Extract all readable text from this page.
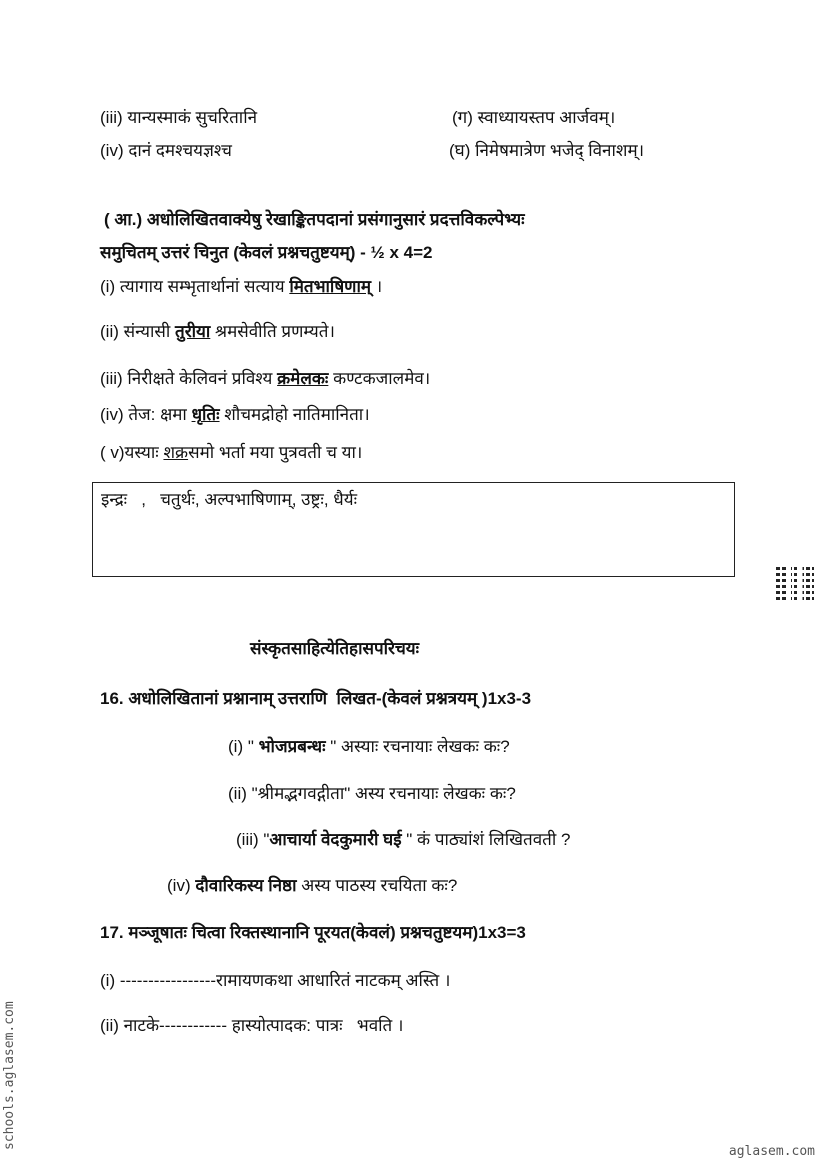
(iii) यान्यस्माकं सुचरितानि	(ग) स्वाध्यायस्तप आर्जवम्।
(iv) दानं दमश्चयज्ञश्च	(घ) निमेषमात्रेण भजेद् विनाशम्।
( आ.) अधोलिखितवाक्येषु रेखाङ्कितपदानां प्रसंगानुसारं प्रदत्तविकल्पेभ्यः
समुचितम् उत्तरं चिनुत (केवलं प्रश्नचतुष्टयम्) - ½ x 4=2
(i) त्यागाय सम्भृतार्थानां सत्याय मितभाषिणाम् ।
(ii) संन्यासी तुरीया श्रमसेवीति प्रणम्यते।
(iii) निरीक्षते केलिवनं प्रविश्य क्रमेलकः कण्टकजालमेव।
(iv) तेज: क्षमा धृतिः शौचमद्रोहो नातिमानिता।
( v)यस्याः शक्रसमो भर्ता मया पुत्रवती च या।
इन्द्रः   ,   चतुर्थः, अल्पभाषिणाम्, उष्ट्रः, धैर्यः
संस्कृतसाहित्येतिहासपरिचयः
16. अधोलिखितानां प्रश्नानाम् उत्तराणि  लिखत-(केवलं प्रश्नत्रयम् )1x3-3
(i) " भोजप्रबन्धः " अस्याः रचनायाः लेखकः कः?
(ii) "श्रीमद्भगवद्गीता" अस्य रचनायाः लेखकः कः?
(iii) "आचार्या वेदकुमारी घई " कं पाठ्यांशं लिखितवती ?
(iv) दौवारिकस्य निष्ठा अस्य पाठस्य रचयिता कः?
17. मञ्जूषातः चित्वा रिक्तस्थानानि पूरयत(केवलं) प्रश्नचतुष्टयम)1x3=3
(i) -----------------रामायणकथा आधारितं नाटकम् अस्ति ।
(ii) नाटके------------ हास्योत्पादक: पात्रः   भवति ।
schools.aglasem.com
aglasem.com
